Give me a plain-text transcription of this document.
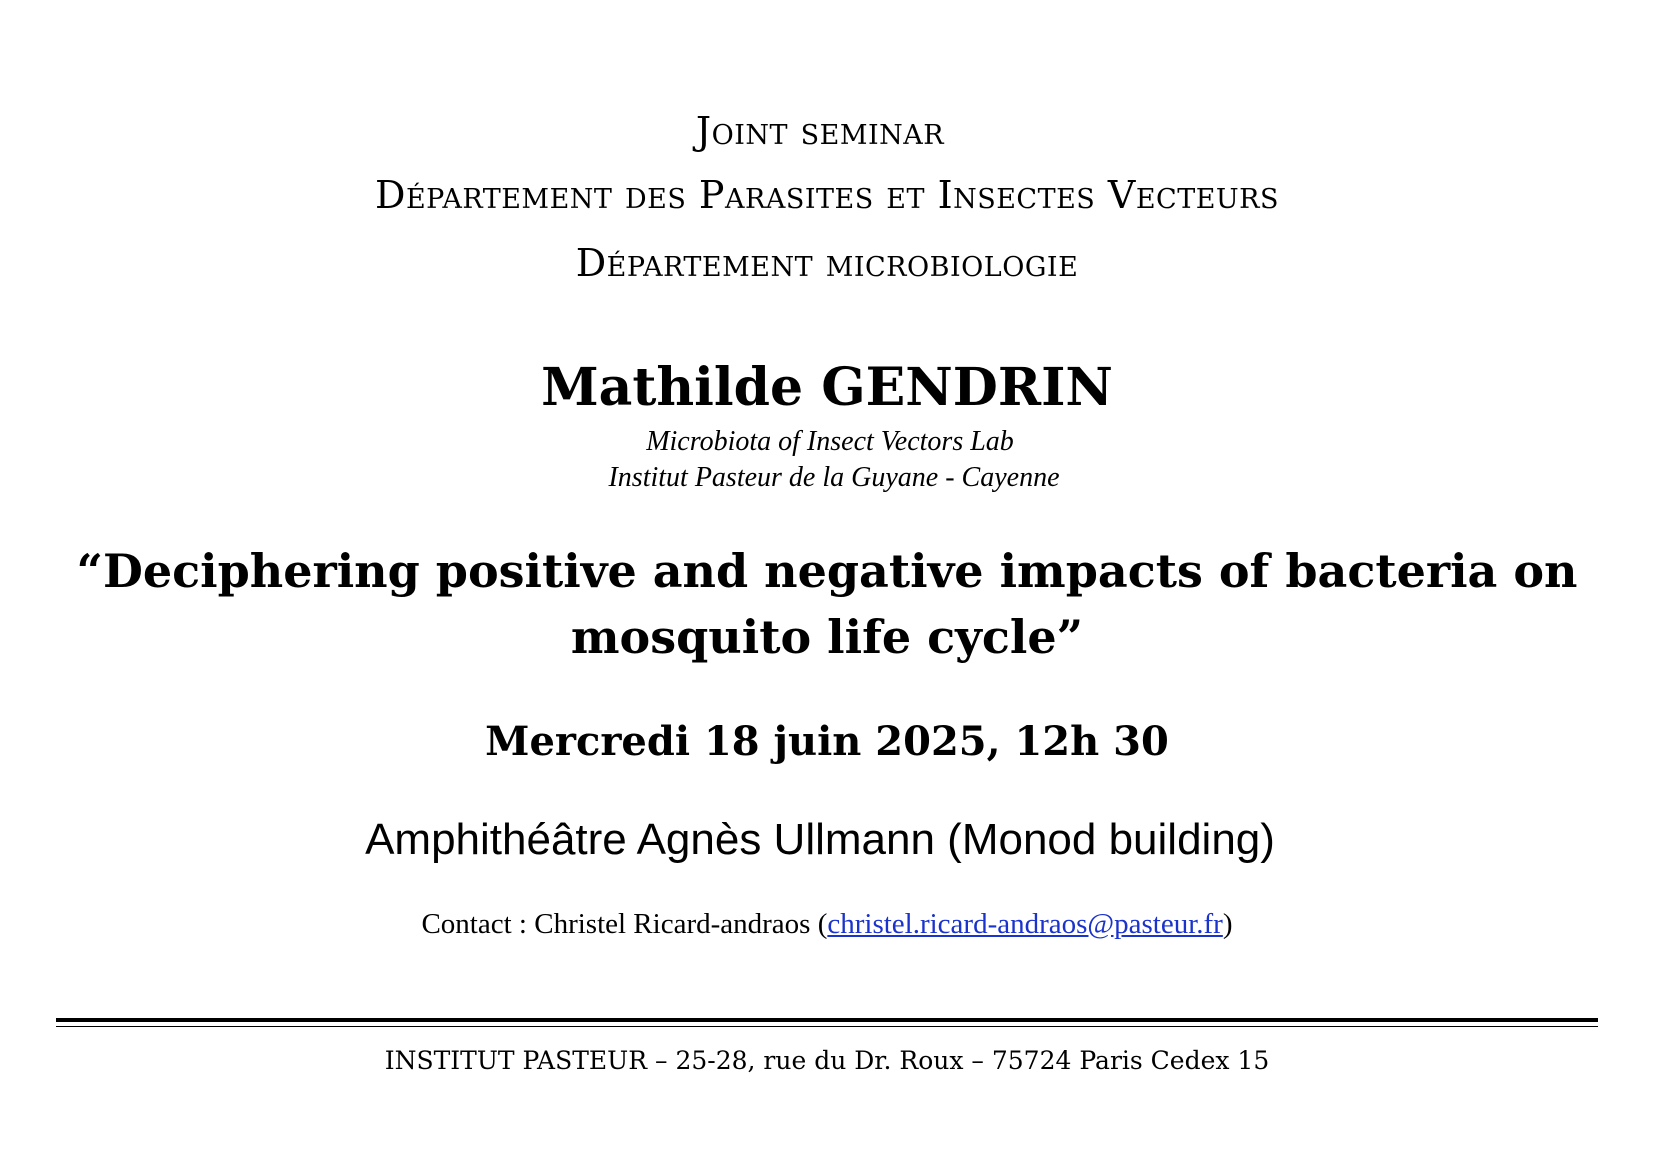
Joint seminar
Département des Parasites et Insectes Vecteurs
Département microbiologie
Mathilde GENDRIN
Microbiota of Insect Vectors Lab
Institut Pasteur de la Guyane - Cayenne
“Deciphering positive and negative impacts of bacteria on
mosquito life cycle”
Mercredi 18 juin 2025, 12h 30
Amphithéâtre Agnès Ullmann (Monod building)
Contact : Christel Ricard-andraos (christel.ricard-andraos@pasteur.fr)
INSTITUT PASTEUR – 25-28, rue du Dr. Roux – 75724 Paris Cedex 15
